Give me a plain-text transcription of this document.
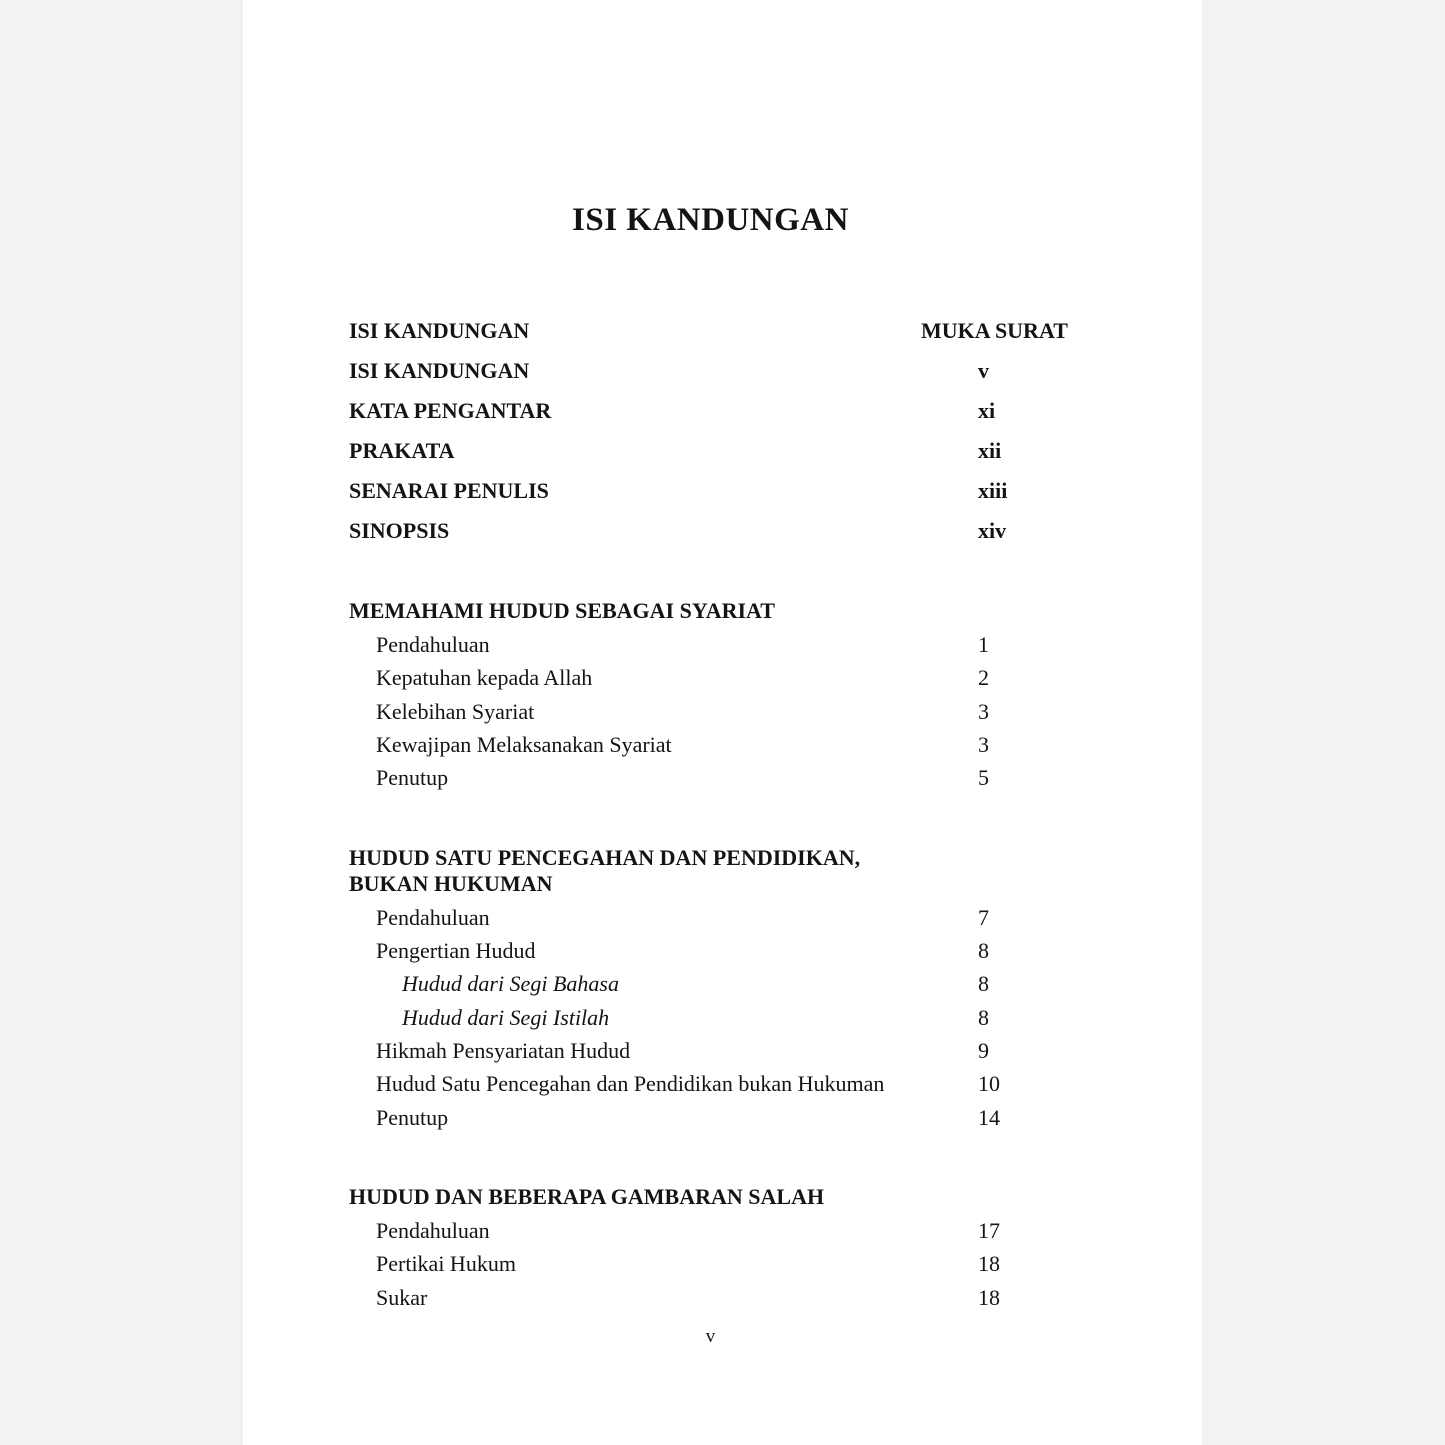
ISI KANDUNGAN
ISI KANDUNGAN	MUKA SURAT
ISI KANDUNGAN	v
KATA PENGANTAR	xi
PRAKATA	xii
SENARAI PENULIS	xiii
SINOPSIS	xiv
MEMAHAMI HUDUD SEBAGAI SYARIAT
Pendahuluan	1
Kepatuhan kepada Allah	2
Kelebihan Syariat	3
Kewajipan Melaksanakan Syariat	3
Penutup	5
HUDUD SATU PENCEGAHAN DAN PENDIDIKAN,
BUKAN HUKUMAN
Pendahuluan	7
Pengertian Hudud	8
Hudud dari Segi Bahasa	8
Hudud dari Segi Istilah	8
Hikmah Pensyariatan Hudud	9
Hudud Satu Pencegahan dan Pendidikan bukan Hukuman	10
Penutup	14
HUDUD DAN BEBERAPA GAMBARAN SALAH
Pendahuluan	17
Pertikai Hukum	18
Sukar	18
v
